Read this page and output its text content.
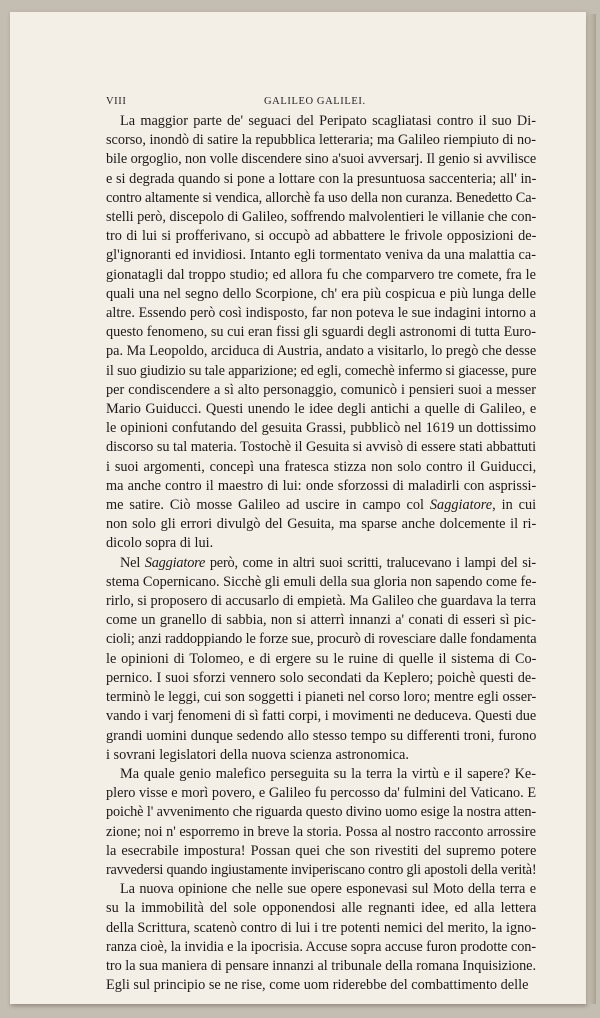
VIII	GALILEO GALILEI.
La maggior parte de' seguaci del Peripato scagliatasi contro il suo Di-
scorso, inondò di satire la repubblica letteraria; ma Galileo riempiuto di no-
bile orgoglio, non volle discendere sino a'suoi avversarj. Il genio si avvilisce
e si degrada quando si pone a lottare con la presuntuosa saccenteria; all' in-
contro altamente si vendica, allorchè fa uso della non curanza. Benedetto Ca-
stelli però, discepolo di Galileo, soffrendo malvolentieri le villanie che con-
tro di lui si profferivano, si occupò ad abbattere le frivole opposizioni de-
gl'ignoranti ed invidiosi. Intanto egli tormentato veniva da una malattia ca-
gionatagli dal troppo studio; ed allora fu che comparvero tre comete, fra le
quali una nel segno dello Scorpione, ch' era più cospicua e più lunga delle
altre. Essendo però così indisposto, far non poteva le sue indagini intorno a
questo fenomeno, su cui eran fissi gli sguardi degli astronomi di tutta Euro-
pa. Ma Leopoldo, arciduca di Austria, andato a visitarlo, lo pregò che desse
il suo giudizio su tale apparizione; ed egli, comechè infermo si giacesse, pure
per condiscendere a sì alto personaggio, comunicò i pensieri suoi a messer
Mario Guiducci. Questi unendo le idee degli antichi a quelle di Galileo, e
le opinioni confutando del gesuita Grassi, pubblicò nel 1619 un dottissimo
discorso su tal materia. Tostochè il Gesuita si avvisò di essere stati abbattuti
i suoi argomenti, concepì una fratesca stizza non solo contro il Guiducci,
ma anche contro il maestro di lui: onde sforzossi di maladirli con asprissi-
me satire. Ciò mosse Galileo ad uscire in campo col Saggiatore, in cui
non solo gli errori divulgò del Gesuita, ma sparse anche dolcemente il ri-
dicolo sopra di lui.
Nel Saggiatore però, come in altri suoi scritti, tralucevano i lampi del si-
stema Copernicano. Sicchè gli emuli della sua gloria non sapendo come fe-
rirlo, si proposero di accusarlo di empietà. Ma Galileo che guardava la terra
come un granello di sabbia, non si atterrì innanzi a' conati di esseri sì pic-
cioli; anzi raddoppiando le forze sue, procurò di rovesciare dalle fondamenta
le opinioni di Tolomeo, e di ergere su le ruine di quelle il sistema di Co-
pernico. I suoi sforzi vennero solo secondati da Keplero; poichè questi de-
terminò le leggi, cui son soggetti i pianeti nel corso loro; mentre egli osser-
vando i varj fenomeni di sì fatti corpi, i movimenti ne deduceva. Questi due
grandi uomini dunque sedendo allo stesso tempo su differenti troni, furono
i sovrani legislatori della nuova scienza astronomica.
Ma quale genio malefico perseguita su la terra la virtù e il sapere? Ke-
plero visse e morì povero, e Galileo fu percosso da' fulmini del Vaticano. E
poichè l' avvenimento che riguarda questo divino uomo esige la nostra atten-
zione; noi n' esporremo in breve la storia. Possa al nostro racconto arrossire
la esecrabile impostura! Possan quei che son rivestiti del supremo potere
ravvedersi quando ingiustamente inviperiscano contro gli apostoli della verità!
La nuova opinione che nelle sue opere esponevasi sul Moto della terra e
su la immobilità del sole opponendosi alle regnanti idee, ed alla lettera
della Scrittura, scatenò contro di lui i tre potenti nemici del merito, la igno-
ranza cioè, la invidia e la ipocrisia. Accuse sopra accuse furon prodotte con-
tro la sua maniera di pensare innanzi al tribunale della romana Inquisizione.
Egli sul principio se ne rise, come uom riderebbe del combattimento delle
